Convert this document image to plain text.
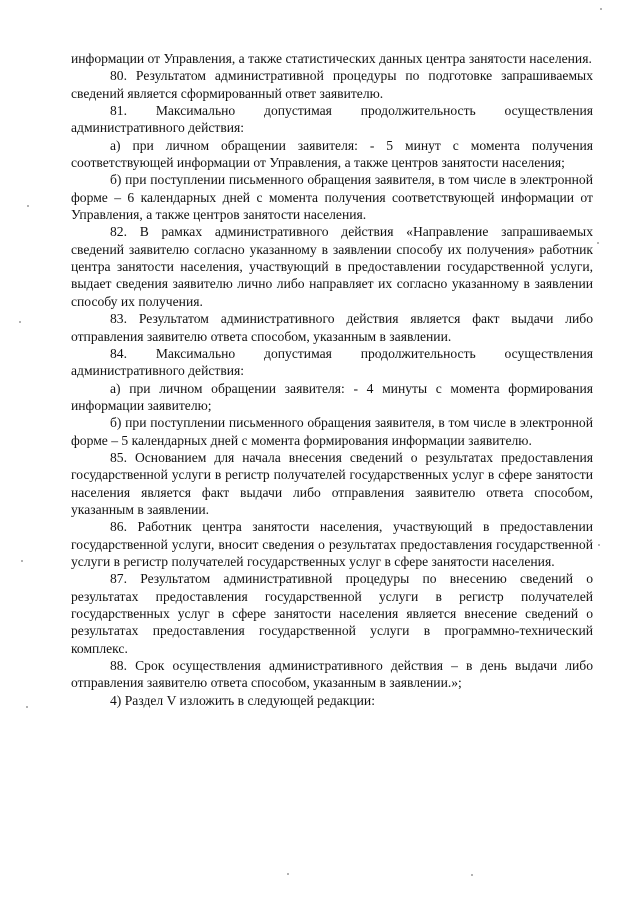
информации от Управления, а также статистических данных центра занятости населения.

80. Результатом административной процедуры по подготовке запрашиваемых сведений является сформированный ответ заявителю.

81. Максимально допустимая продолжительность осуществления административного действия:

а) при личном обращении заявителя: - 5 минут с момента получения соответствующей информации от Управления, а также центров занятости населения;

б) при поступлении письменного обращения заявителя, в том числе в электронной форме – 6 календарных дней с момента получения соответствующей информации от Управления, а также центров занятости населения.

82. В рамках административного действия «Направление запрашиваемых сведений заявителю согласно указанному в заявлении способу их получения» работник центра занятости населения, участвующий в предоставлении государственной услуги, выдает сведения заявителю лично либо направляет их согласно указанному в заявлении способу их получения.

83. Результатом административного действия является факт выдачи либо отправления заявителю ответа способом, указанным в заявлении.

84. Максимально допустимая продолжительность осуществления административного действия:

а) при личном обращении заявителя: - 4 минуты с момента формирования информации заявителю;

б) при поступлении письменного обращения заявителя, в том числе в электронной форме – 5 календарных дней с момента формирования информации заявителю.

85. Основанием для начала внесения сведений о результатах предоставления государственной услуги в регистр получателей государственных услуг в сфере занятости населения является факт выдачи либо отправления заявителю ответа способом, указанным в заявлении.

86. Работник центра занятости населения, участвующий в предоставлении государственной услуги, вносит сведения о результатах предоставления государственной услуги в регистр получателей государственных услуг в сфере занятости населения.

87. Результатом административной процедуры по внесению сведений о результатах предоставления государственной услуги в регистр получателей государственных услуг в сфере занятости населения является внесение сведений о результатах предоставления государственной услуги в программно-технический комплекс.

88. Срок осуществления административного действия – в день выдачи либо отправления заявителю ответа способом, указанным в заявлении.»;

4) Раздел V изложить в следующей редакции:
